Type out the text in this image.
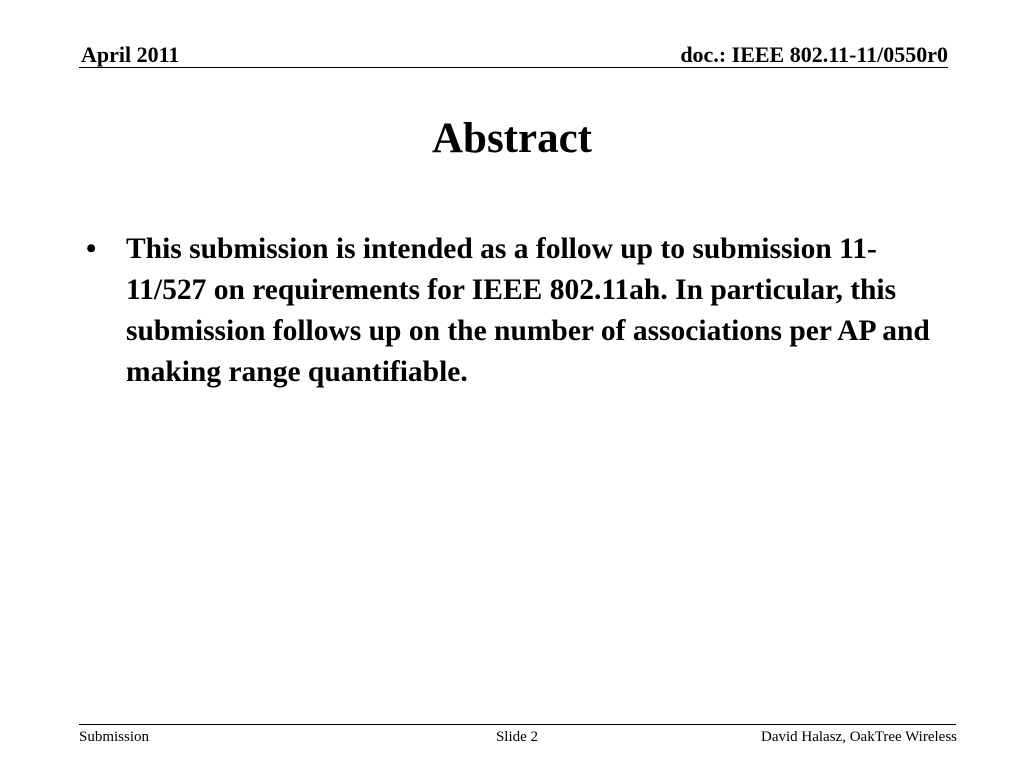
April 2011	doc.: IEEE 802.11-11/0550r0
Abstract
• This submission is intended as a follow up to submission 11-11/527 on requirements for IEEE 802.11ah. In particular, this submission follows up on the number of associations per AP and making range quantifiable.
Submission	Slide 2	David Halasz, OakTree Wireless
